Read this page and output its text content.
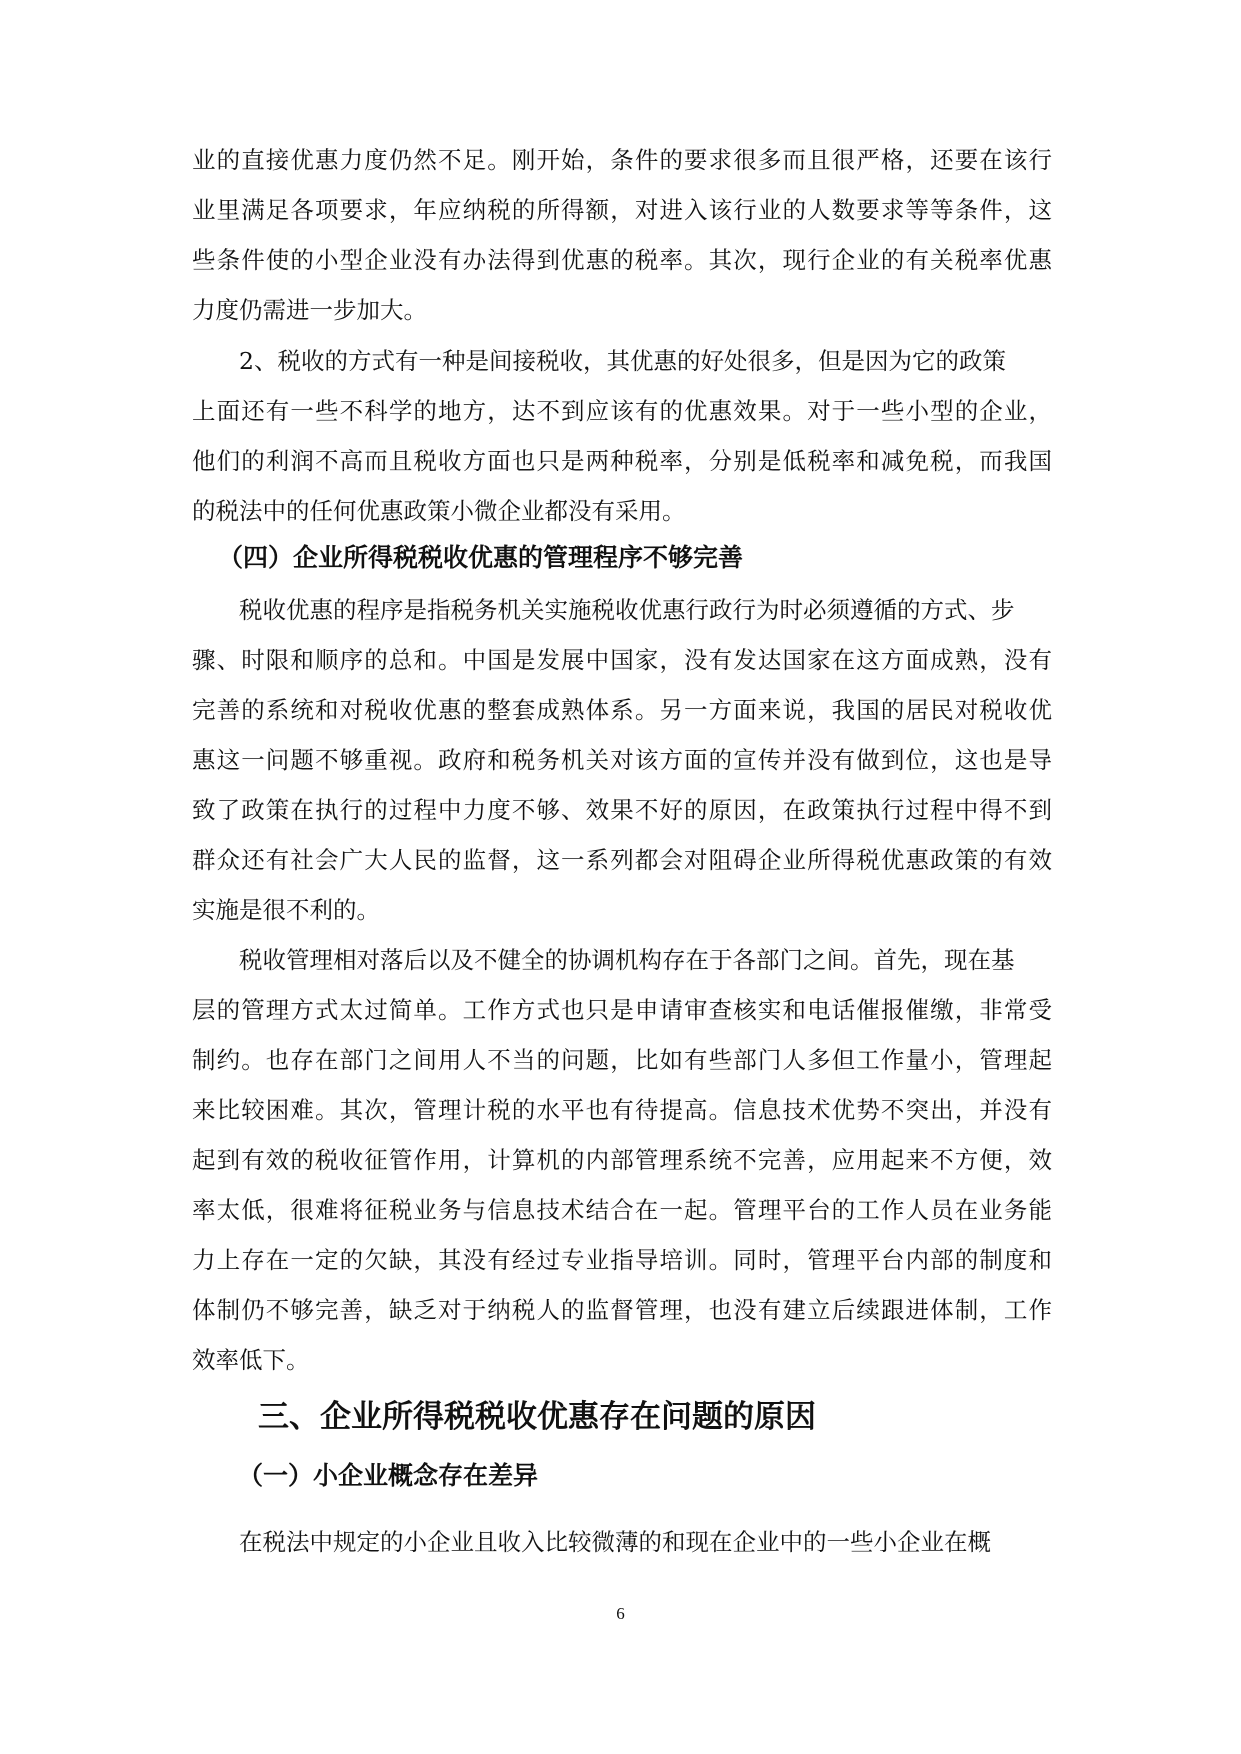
业的直接优惠力度仍然不足。刚开始，条件的要求很多而且很严格，还要在该行
业里满足各项要求，年应纳税的所得额，对进入该行业的人数要求等等条件，这
些条件使的小型企业没有办法得到优惠的税率。其次，现行企业的有关税率优惠
力度仍需进一步加大。
2、税收的方式有一种是间接税收，其优惠的好处很多，但是因为它的政策
上面还有一些不科学的地方，达不到应该有的优惠效果。对于一些小型的企业，
他们的利润不高而且税收方面也只是两种税率，分别是低税率和减免税，而我国
的税法中的任何优惠政策小微企业都没有采用。
（四）企业所得税税收优惠的管理程序不够完善
税收优惠的程序是指税务机关实施税收优惠行政行为时必须遵循的方式、步
骤、时限和顺序的总和。中国是发展中国家，没有发达国家在这方面成熟，没有
完善的系统和对税收优惠的整套成熟体系。另一方面来说，我国的居民对税收优
惠这一问题不够重视。政府和税务机关对该方面的宣传并没有做到位，这也是导
致了政策在执行的过程中力度不够、效果不好的原因，在政策执行过程中得不到
群众还有社会广大人民的监督，这一系列都会对阻碍企业所得税优惠政策的有效
实施是很不利的。
税收管理相对落后以及不健全的协调机构存在于各部门之间。首先，现在基
层的管理方式太过简单。工作方式也只是申请审查核实和电话催报催缴，非常受
制约。也存在部门之间用人不当的问题，比如有些部门人多但工作量小，管理起
来比较困难。其次，管理计税的水平也有待提高。信息技术优势不突出，并没有
起到有效的税收征管作用，计算机的内部管理系统不完善，应用起来不方便，效
率太低，很难将征税业务与信息技术结合在一起。管理平台的工作人员在业务能
力上存在一定的欠缺，其没有经过专业指导培训。同时，管理平台内部的制度和
体制仍不够完善，缺乏对于纳税人的监督管理，也没有建立后续跟进体制，工作
效率低下。
6
三、企业所得税税收优惠存在问题的原因
（一）小企业概念存在差异
在税法中规定的小企业且收入比较微薄的和现在企业中的一些小企业在概
